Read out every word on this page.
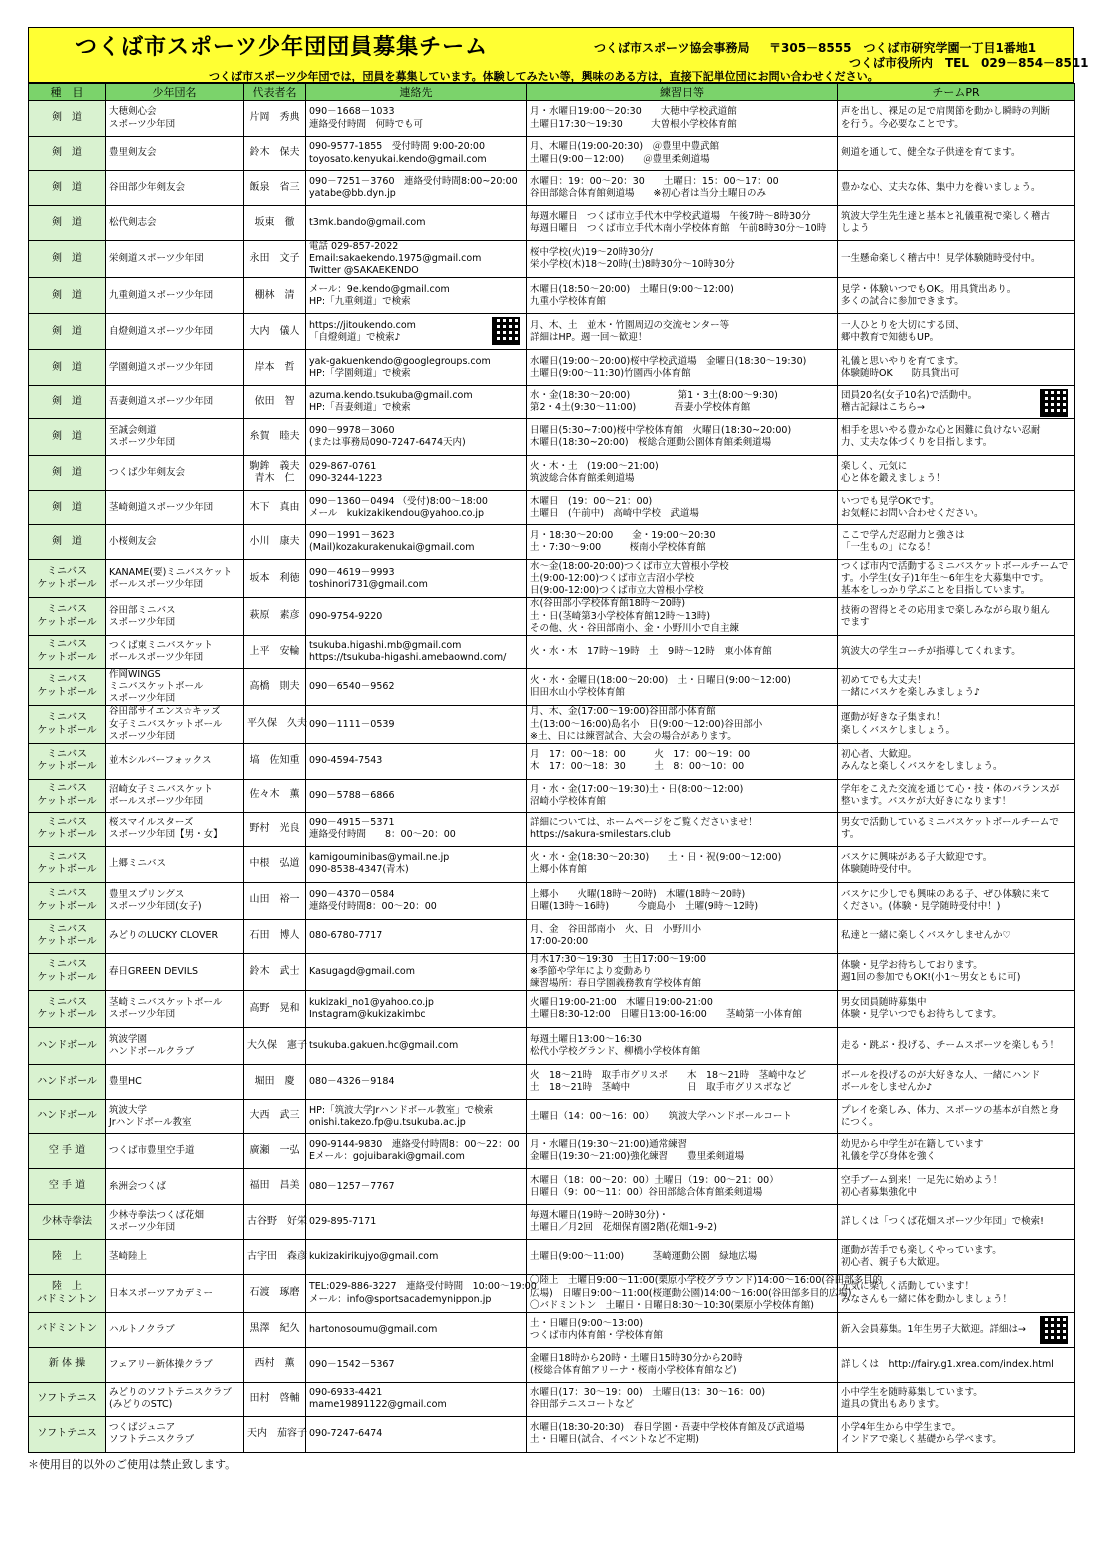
つくば市スポーツ少年団団員募集チーム	つくば市スポーツ協会事務局 〒305－8555　つくば市研究学園一丁目1番地1
つくば市役所内　TEL　029－854－8511
つくば市スポーツ少年団では，団員を募集しています。体験してみたい等，興味のある方は，直接下記単位団にお問い合わせください。
種　目	少年団名	代表者名	連絡先	練習日等	チームPR

剣　道	大穂剣心会
スポーツ少年団	片岡　秀典	090－1668－1033
連絡受付時間　何時でも可	月・水曜日19:00～20:30　　大穂中学校武道館
土曜日17:30～19:30　　　大曽根小学校体育館	声を出し、裸足の足で肩関節を動かし瞬時の判断
を行う。今必要なことです。

剣　道	豊里剣友会	鈴木　保夫	090-9577-1855　受付時間 9:00-20:00
toyosato.kenyukai.kendo@gmail.com	月、木曜日(19:00-20:30)　＠豊里中豊武館
土曜日(9:00－12:00)　　＠豊里柔剣道場	剣道を通して、健全な子供達を育てます。

剣　道	谷田部少年剣友会	飯泉　省三	090－7251－3760　連絡受付時間8:00~20:00
yatabe@bb.dyn.jp	水曜日：19：00～20：30　　土曜日：15：00～17：00
谷田部総合体育館剣道場　　※初心者は当分土曜日のみ	豊かな心、丈夫な体、集中力を養いましょう。

剣　道	松代剣志会	坂東　徹	t3mk.bando@gmail.com	毎週水曜日　つくば市立手代木中学校武道場　午後7時～8時30分
毎週日曜日　つくば市立手代木南小学校体育館　午前8時30分～10時	筑波大学生先生達と基本と礼儀重視で楽しく稽古
しよう

剣　道	栄剣道スポーツ少年団	永田　文子	電話 029-857-2022
Email:sakaekendo.1975@gmail.com
Twitter @SAKAEKENDO	桜中学校(火)19～20時30分/
栄小学校(木)18～20時(土)8時30分～10時30分	一生懸命楽しく稽古中！見学体験随時受付中。

剣　道	九重剣道スポーツ少年団	棚林　清	メール：9e.kendo@gmail.com
HP:「九重剣道」で検索	木曜日(18:50～20:00)　土曜日(9:00～12:00)
九重小学校体育館	見学・体験いつでもOK。用具貸出あり。
多くの試合に参加できます。

剣　道	自燈剣道スポーツ少年団	大内　儀人	https://jitoukendo.com
「自燈剣道」で検索♪	月、木、土　並木・竹園周辺の交流センター等
詳細はHP。週一回～歓迎！	一人ひとりを大切にする団、
郷中教育で知徳もUP。

剣　道	学園剣道スポーツ少年団	岸本　哲	yak-gakuenkendo@googlegroups.com
HP:「学園剣道」で検索	水曜日(19:00～20:00)桜中学校武道場　金曜日(18:30～19:30)
土曜日(9:00～11:30)竹園西小体育館	礼儀と思いやりを育てます。
体験随時OK　　防具貸出可

剣　道	吾妻剣道スポーツ少年団	依田　智	azuma.kendo.tsukuba@gmail.com
HP:「吾妻剣道」で検索	水・金(18:30～20:00)　　　　　第1・3土(8:00～9:30)
第2・4土(9:30～11:00)　　　　吾妻小学校体育館	団員20名(女子10名)で活動中。
稽古記録はこちら→

剣　道	至誠会剣道
スポーツ少年団	糸賀　睦夫	090－9978－3060
(または事務局090-7247-6474天内)	日曜日(5:30~7:00)桜中学校体育館　火曜日(18:30~20:00)
木曜日(18:30~20:00)　桜総合運動公園体育館柔剣道場	相手を思いやる豊かな心と困難に負けない忍耐
力、丈夫な体づくりを目指します。

剣　道	つくば少年剣友会	駒鉾　義夫
青木　仁	029-867-0761
090-3244-1223	火・木・土　(19:00～21:00)
筑波総合体育館柔剣道場	楽しく、元気に
心と体を鍛えましょう！

剣　道	茎崎剣道スポーツ少年団	木下　真由	090－1360－0494 （受付)8:00～18:00
メール　kukizakikendou@yahoo.co.jp	木曜日　(19：00～21：00)
土曜日　(午前中)　高崎中学校　武道場	いつでも見学OKです。
お気軽にお問い合わせください。

剣　道	小桜剣友会	小川　康夫	090－1991－3623
(Mail)kozakurakenukai@gmail.com	月・18:30～20:00　　金・19:00～20:30
土・7:30～9:00　　　桜南小学校体育館	ここで学んだ忍耐力と強さは
「一生もの」になる！

ミニバス
ケットボール	KANAME(要)ミニバスケット
ボールスポーツ少年団	坂本　利徳	090－4619－9993
toshinori731@gmail.com	水～金(18:00-20:00)つくば市立大曽根小学校
土(9:00-12:00)つくば市立吉沼小学校
日(9:00-12:00)つくば市立大曽根小学校	つくば市内で活動するミニバスケットボールチームで
す。小学生(女子)1年生～6年生を大募集中です。
基本をしっかり学ぶことを目指しています。

ミニバス
ケットボール	谷田部ミニバス
スポーツ少年団	萩原　素彦	090-9754-9220	水(谷田部小学校体育館18時～20時)
土・日(茎崎第3小学校体育館12時～13時)
その他、火・谷田部南小、金・小野川小で自主練	技術の習得とその応用まで楽しみながら取り組ん
でます

ミニバス
ケットボール	つくば東ミニバスケット
ボールスポーツ少年団	上平　安輪	tsukuba.higashi.mb@gmail.com
https://tsukuba-higashi.amebaownd.com/	火・水・木　17時～19時　土　9時～12時　東小体育館	筑波大の学生コーチが指導してくれます。

ミニバス
ケットボール	作岡WINGS
ミニバスケットボール
スポーツ少年団	高橋　則夫	090－6540－9562	火・水・金曜日(18:00～20:00)　土・日曜日(9:00～12:00)
旧田水山小学校体育館	初めてでも大丈夫！
一緒にバスケを楽しみましょう♪

ミニバス
ケットボール	谷田部サイエンス☆キッズ
女子ミニバスケットボール
スポーツ少年団	平久保　久夫	090－1111－0539	月、木、金(17:00～19:00)谷田部小体育館
土(13:00～16:00)島名小　日(9:00～12:00)谷田部小
※土、日には練習試合、大会の場合があります。	運動が好きな子集まれ！
楽しくバスケしましょう。

ミニバス
ケットボール	並木シルバーフォックス	塙　佐知重	090-4594-7543	月　17：00～18：00　　　火　17：00～19：00
木　17：00～18：30　　　土　8：00～10：00	初心者、大歓迎。
みんなと楽しくバスケをしましょう。

ミニバス
ケットボール	沼崎女子ミニバスケット
ボールスポーツ少年団	佐々木　薫	090－5788－6866	月・水・金(17:00～19:30)土・日(8:00～12:00)
沼崎小学校体育館	学年をこえた交流を通じて心・技・体のバランスが
整います。バスケが大好きになります！

ミニバス
ケットボール	桜スマイルスターズ
スポーツ少年団【男・女】	野村　光良	090－4915－5371
連絡受付時間　　8：00～20：00	詳細については、ホームページをご覧くださいませ！
https://sakura-smilestars.club	男女で活動しているミニバスケットボールチームで
す。

ミニバス
ケットボール	上郷ミニバス	中根　弘道	kamigouminibas@ymail.ne.jp
090-8538-4347(青木)	火・水・金(18:30～20:30)　　土・日・祝(9:00～12:00)
上郷小体育館	バスケに興味がある子大歓迎です。
体験随時受付中。

ミニバス
ケットボール	豊里スプリングス
スポーツ少年団(女子)	山田　裕一	090－4370－0584
連絡受付時間8：00～20：00	上郷小　　火曜(18時～20時)　木曜(18時～20時)
日曜(13時～16時)　　　今鹿島小　土曜(9時～12時)	バスケに少しでも興味のある子、ぜひ体験に来て
ください。(体験・見学随時受付中！)

ミニバス
ケットボール	みどりのLUCKY CLOVER	石田　博人	080-6780-7717	月、金　谷田部南小　火、日　小野川小
17:00-20:00	私達と一緒に楽しくバスケしませんか♡

ミニバス
ケットボール	春日GREEN DEVILS	鈴木　武士	Kasugagd@gmail.com	月木17:30～19:30　土日17:00～19:00
※季節や学年により変動あり
練習場所：春日学園義務教育学校体育館	体験・見学お待ちしております。
週1回の参加でもOK!(小1～男女ともに可)

ミニバス
ケットボール	茎崎ミニバスケットボール
スポーツ少年団	高野　晃和	kukizaki_no1@yahoo.co.jp
Instagram@kukizakimbc	火曜日19:00-21:00　木曜日19:00-21:00
土曜日8:30-12:00　日曜日13:00-16:00　　茎崎第一小体育館	男女団員随時募集中
体験・見学いつでもお待ちしてます。

ハンドボール	筑波学園
ハンドボールクラブ	大久保　憲子	tsukuba.gakuen.hc@gmail.com	毎週土曜日13:00～16:30
松代小学校グランド、柳橋小学校体育館	走る・跳ぶ・投げる、チームスポーツを楽しもう！

ハンドボール	豊里HC	堀田　慶	080－4326－9184	火　18～21時　取手市グリスポ　　木　18～21時　茎崎中など
土　18～21時　茎崎中　　　　　　日　取手市グリスポなど	ボールを投げるのが大好きな人、一緒にハンド
ボールをしませんか♪

ハンドボール	筑波大学
Jrハンドボール教室	大西　武三	HP:「筑波大学Jrハンドボール教室」で検索
onishi.takezo.fp@u.tsukuba.ac.jp	土曜日（14：00～16：00）　　筑波大学ハンドボールコート	プレイを楽しみ、体力、スポーツの基本が自然と身
につく。

空 手 道	つくば市豊里空手道	廣瀬　一弘	090-9144-9830　連絡受付時間8：00～22：00
Eメール：gojuibaraki@gmail.com	月・水曜日(19:30～21:00)通常練習
金曜日(19:30～21:00)強化練習　　豊里柔剣道場	幼児から中学生が在籍しています
礼儀を学び身体を強く

空 手 道	糸洲会つくば	福田　昌美	080－1257－7767	木曜日（18：00～20：00）土曜日（19：00～21：00）
日曜日（9：00～11：00）谷田部総合体育館柔剣道場	空手ブーム到来！一足先に始めよう！
初心者募集強化中

少林寺拳法	少林寺拳法つくば花畑
スポーツ少年団	古谷野　好栄	029-895-7171	毎週木曜日(19時～20時30分)・
土曜日／月2回　花畑保育園2階(花畑1-9-2)	詳しくは「つくば花畑スポーツ少年団」で検索!

陸　上	茎崎陸上	古宇田　森彦	kukizakirikujyo@gmail.com	土曜日(9:00～11:00)　　　茎崎運動公園　緑地広場	運動が苦手でも楽しくやっています。
初心者、親子も大歓迎。

陸　上
バドミントン	日本スポーツアカデミー	石渡　琢磨	TEL:029-886-3227　連絡受付時間　10:00～19:00
メール：info@sportsacademynippon.jp	〇陸上　土曜日9:00～11:00(栗原小学校グラウンド)14:00～16:00(谷田部多目的
広場)　日曜日9:00～11:00(桜運動公園)14:00～16:00(谷田部多目的広場)
〇バドミントン　土曜日・日曜日8:30～10:30(栗原小学校体育館)	元気に楽しく活動しています！
みなさんも一緒に体を動かしましょう！

バドミントン	ハルトノクラブ	黒澤　紀久	hartonosoumu@gmail.com	土・日曜日(9:00～13:00)
つくば市内体育館・学校体育館	新入会員募集。1年生男子大歓迎。詳細は→

新 体 操	フェアリー新体操クラブ	西村　薫	090－1542－5367	金曜日18時から20時・土曜日15時30分から20時
(桜総合体育館アリーナ・桜南小学校体育館など)	詳しくは　http://fairy.g1.xrea.com/index.html

ソフトテニス	みどりのソフトテニスクラブ
(みどりのSTC)	田村　啓輔	090-6933-4421
mame19891122@gmail.com	水曜日(17：30～19：00)　土曜日(13：30～16：00)
谷田部テニスコートなど	小中学生を随時募集しています。
道具の貸出もあります。

ソフトテニス	つくばジュニア
ソフトテニスクラブ	天内　茄容子	090-7247-6474	水曜日(18:30-20:30)　春日学園・吾妻中学校体育館及び武道場
土・日曜日(試合、イベントなど不定期)	小学4年生から中学生まで。
インドアで楽しく基礎から学べます。
＊使用目的以外のご使用は禁止致します。
